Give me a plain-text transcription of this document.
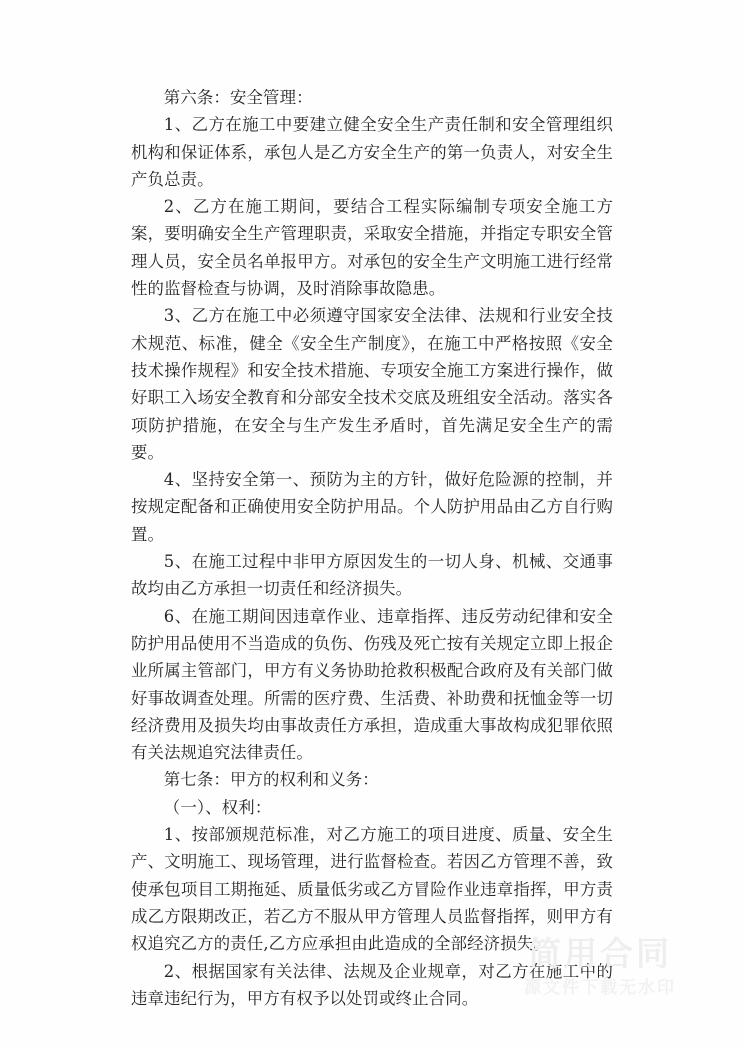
第六条：安全管理：

1、乙方在施工中要建立健全安全生产责任制和安全管理组织机构和保证体系，承包人是乙方安全生产的第一负责人，对安全生产负总责。

2、乙方在施工期间，要结合工程实际编制专项安全施工方案，要明确安全生产管理职责，采取安全措施，并指定专职安全管理人员，安全员名单报甲方。对承包的安全生产文明施工进行经常性的监督检查与协调，及时消除事故隐患。

3、乙方在施工中必须遵守国家安全法律、法规和行业安全技术规范、标准，健全《安全生产制度》，在施工中严格按照《安全技术操作规程》和安全技术措施、专项安全施工方案进行操作，做好职工入场安全教育和分部安全技术交底及班组安全活动。落实各项防护措施，在安全与生产发生矛盾时，首先满足安全生产的需要。

4、坚持安全第一、预防为主的方针，做好危险源的控制，并按规定配备和正确使用安全防护用品。个人防护用品由乙方自行购置。

5、在施工过程中非甲方原因发生的一切人身、机械、交通事故均由乙方承担一切责任和经济损失。

6、在施工期间因违章作业、违章指挥、违反劳动纪律和安全防护用品使用不当造成的负伤、伤残及死亡按有关规定立即上报企业所属主管部门，甲方有义务协助抢救积极配合政府及有关部门做好事故调查处理。所需的医疗费、生活费、补助费和抚恤金等一切经济费用及损失均由事故责任方承担，造成重大事故构成犯罪依照有关法规追究法律责任。

第七条：甲方的权利和义务：

（一）、权利：

1、按部颁规范标准，对乙方施工的项目进度、质量、安全生产、文明施工、现场管理，进行监督检查。若因乙方管理不善，致使承包项目工期拖延、质量低劣或乙方冒险作业违章指挥，甲方责成乙方限期改正，若乙方不服从甲方管理人员监督指挥，则甲方有权追究乙方的责任,乙方应承担由此造成的全部经济损失。

2、根据国家有关法律、法规及企业规章，对乙方在施工中的违章违纪行为，甲方有权予以处罚或终止合同。

简用合同
源文件下载无水印
